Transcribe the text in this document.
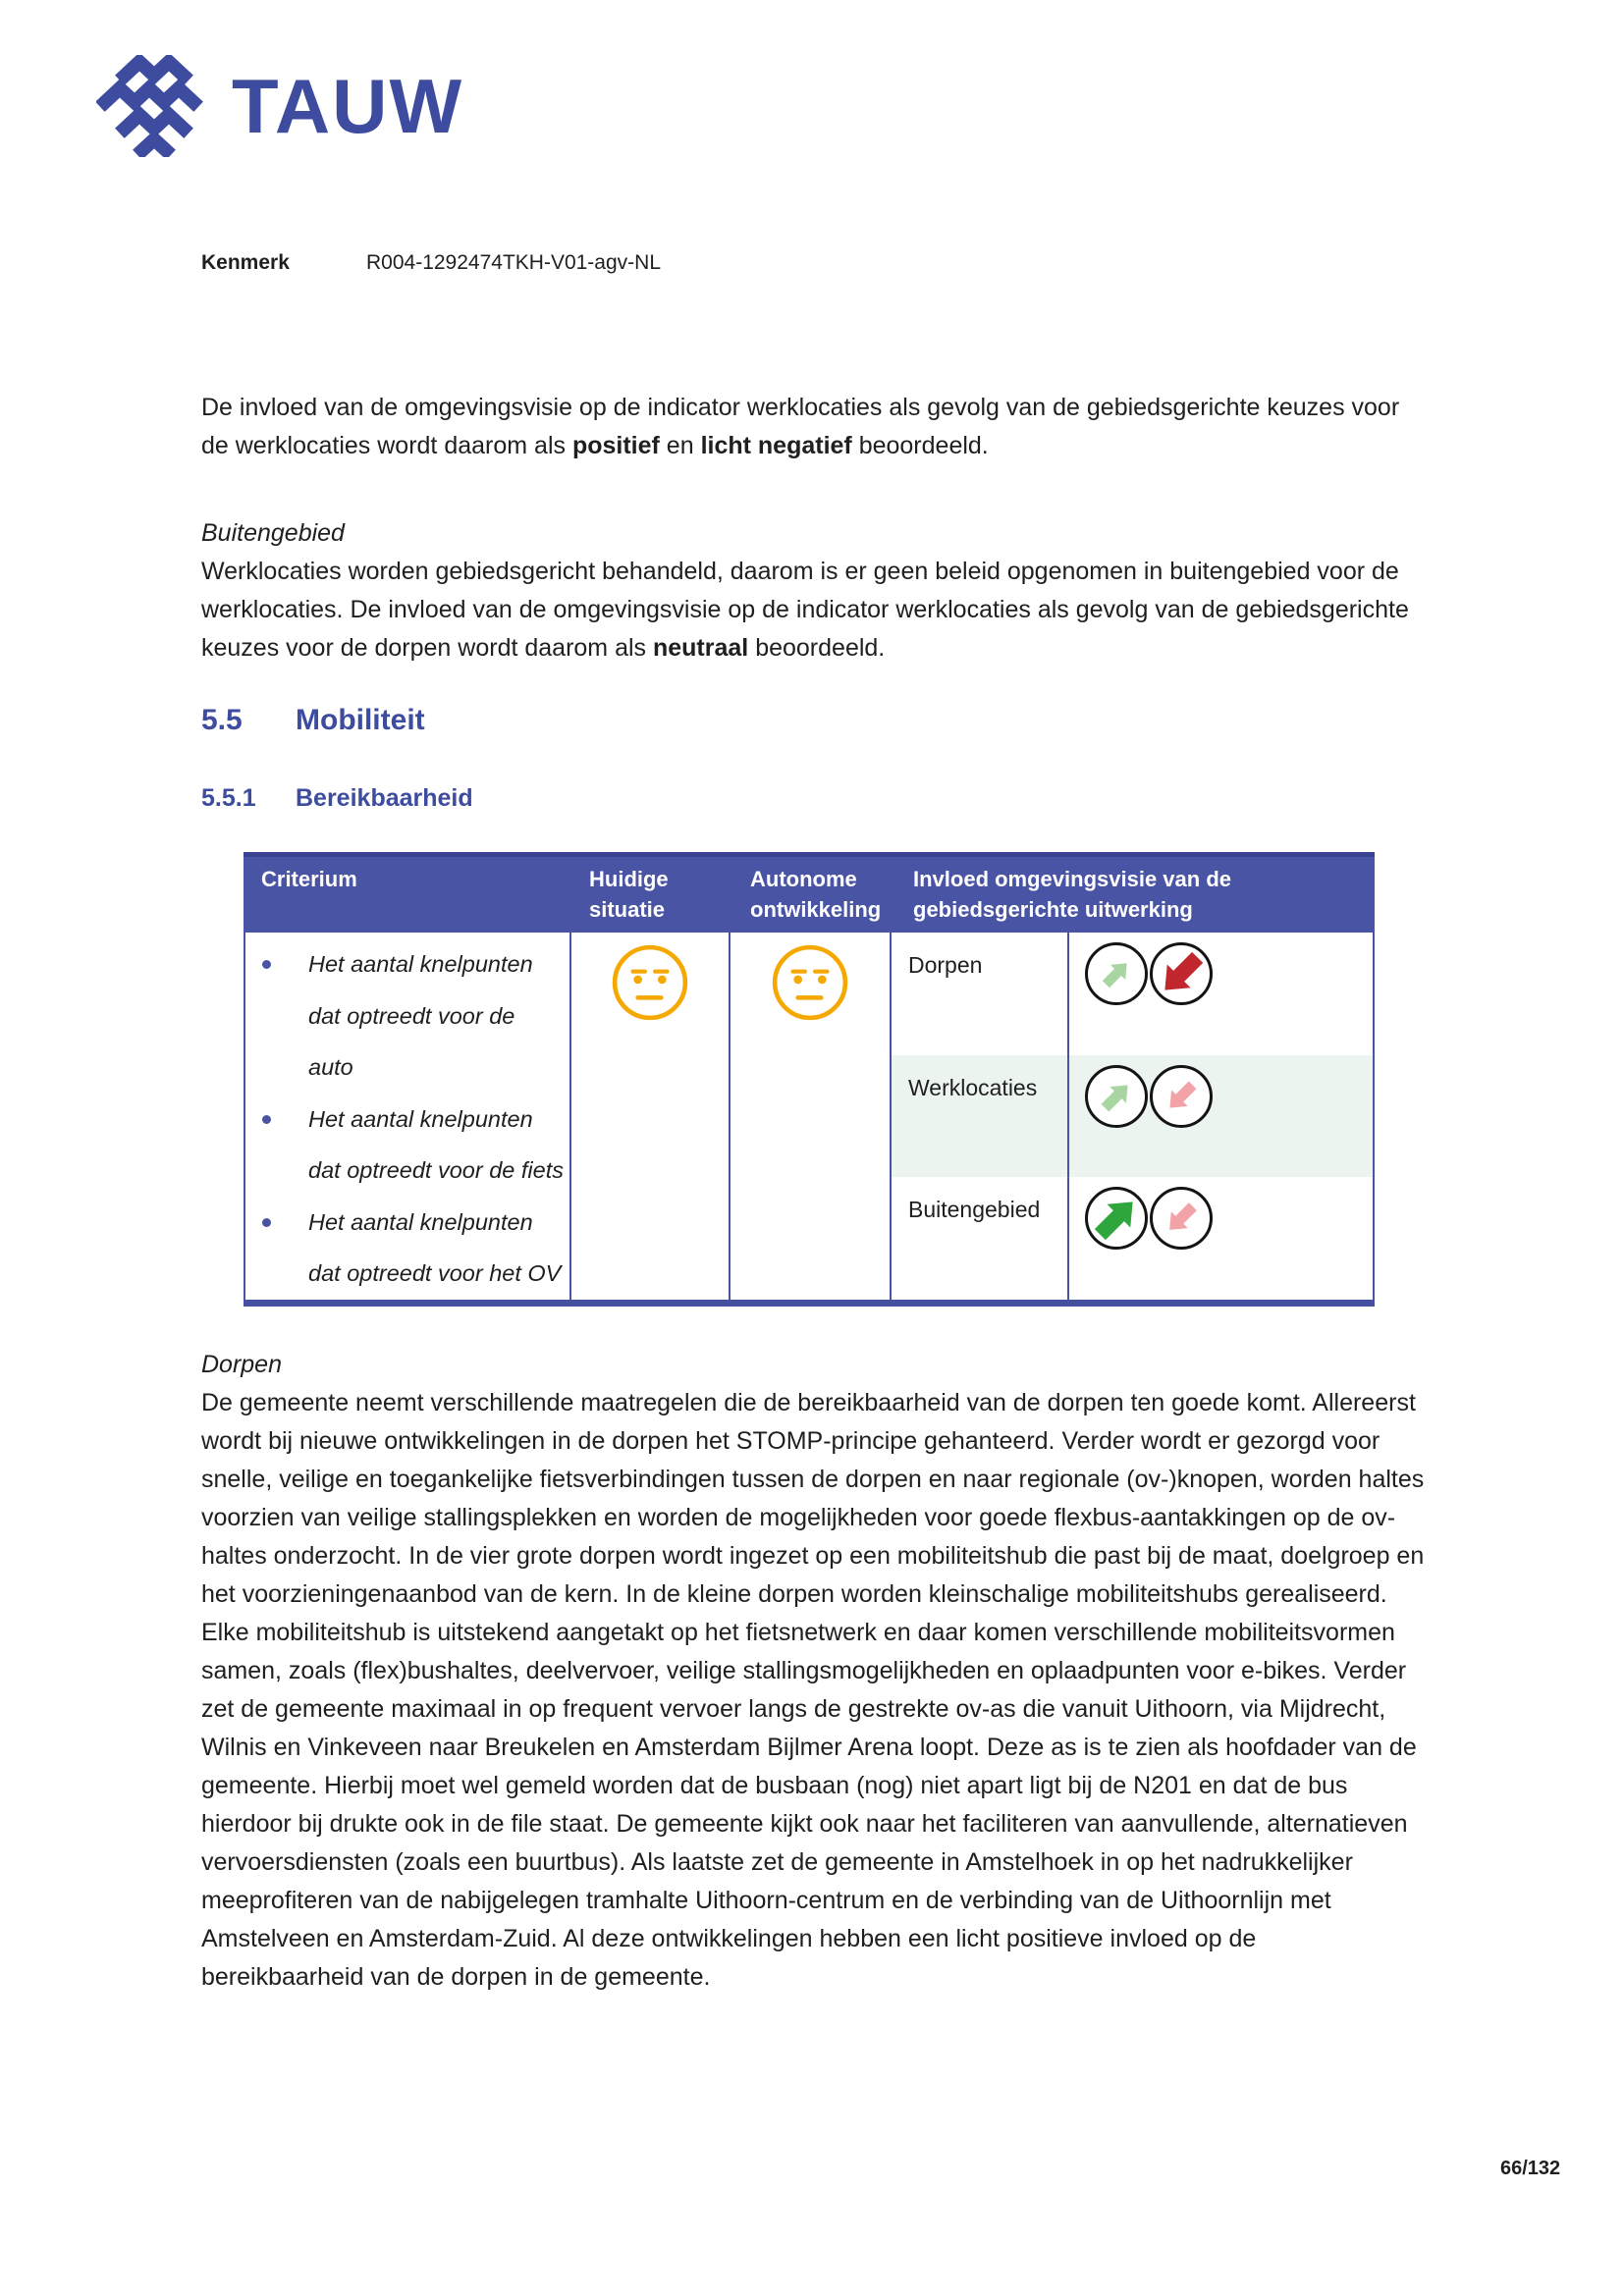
TAUW
Kenmerk	R004-1292474TKH-V01-agv-NL

De invloed van de omgevingsvisie op de indicator werklocaties als gevolg van de gebiedsgerichte keuzes voor de werklocaties wordt daarom als positief en licht negatief beoordeeld.

Buitengebied

Werklocaties worden gebiedsgericht behandeld, daarom is er geen beleid opgenomen in buitengebied voor de werklocaties. De invloed van de omgevingsvisie op de indicator werklocaties als gevolg van de gebiedsgerichte keuzes voor de dorpen wordt daarom als neutraal beoordeeld.

5.5 Mobiliteit
5.5.1 Bereikbaarheid
Criterium	Huidige situatie
Autonome ontwikkeling
Invloed omgevingsvisie van de gebiedsgerichte uitwerking
Het aantal knelpunten dat optreedt voor de auto
Het aantal knelpunten dat optreedt voor de fiets
Het aantal knelpunten dat optreedt voor het OV
Dorpen
Werklocaties
Buitengebied
Dorpen

De gemeente neemt verschillende maatregelen die de bereikbaarheid van de dorpen ten goede komt. Allereerst wordt bij nieuwe ontwikkelingen in de dorpen het STOMP-principe gehanteerd. Verder wordt er gezorgd voor snelle, veilige en toegankelijke fietsverbindingen tussen de dorpen en naar regionale (ov-)knopen, worden haltes voorzien van veilige stallingsplekken en worden de mogelijkheden voor goede flexbus-aantakkingen op de ov-haltes onderzocht. In de vier grote dorpen wordt ingezet op een mobiliteitshub die past bij de maat, doelgroep en het voorzieningenaanbod van de kern. In de kleine dorpen worden kleinschalige mobiliteitshubs gerealiseerd. Elke mobiliteitshub is uitstekend aangetakt op het fietsnetwerk en daar komen verschillende mobiliteitsvormen samen, zoals (flex)bushaltes, deelvervoer, veilige stallingsmogelijkheden en oplaadpunten voor e-bikes. Verder zet de gemeente maximaal in op frequent vervoer langs de gestrekte ov-as die vanuit Uithoorn, via Mijdrecht, Wilnis en Vinkeveen naar Breukelen en Amsterdam Bijlmer Arena loopt. Deze as is te zien als hoofdader van de gemeente. Hierbij moet wel gemeld worden dat de busbaan (nog) niet apart ligt bij de N201 en dat de bus hierdoor bij drukte ook in de file staat. De gemeente kijkt ook naar het faciliteren van aanvullende, alternatieven vervoersdiensten (zoals een buurtbus). Als laatste zet de gemeente in Amstelhoek in op het nadrukkelijker meeprofiteren van de nabijgelegen tramhalte Uithoorn-centrum en de verbinding van de Uithoornlijn met Amstelveen en Amsterdam-Zuid. Al deze ontwikkelingen hebben een licht positieve invloed op de bereikbaarheid van de dorpen in de gemeente.

66/132
